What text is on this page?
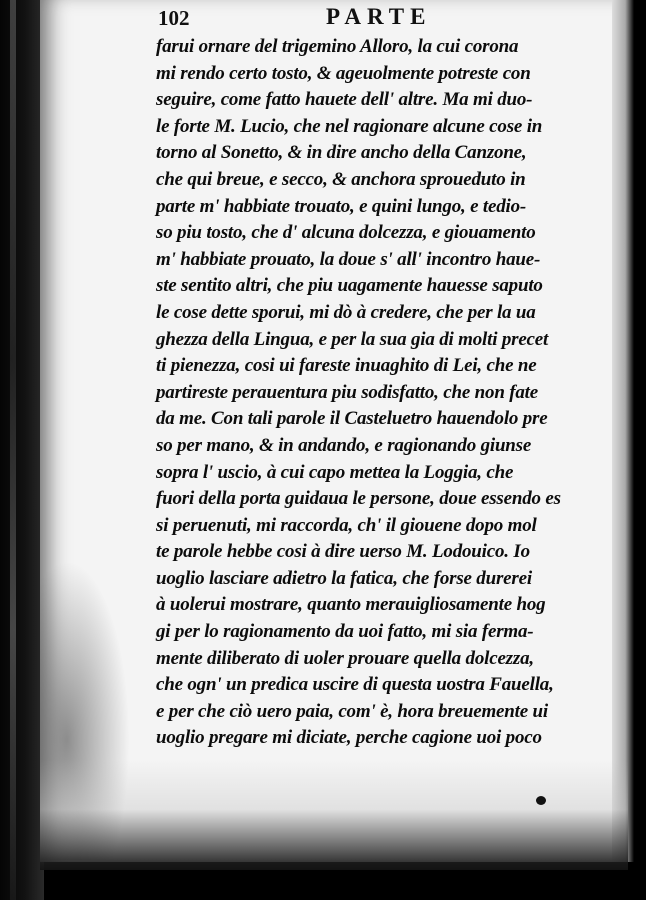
102	PARTE
farui ornare del trigemino Alloro, la cui corona
mi rendo certo tosto, & ageuolmente potreste con
seguire, come fatto hauete dell' altre. Ma mi duo-
le forte M. Lucio, che nel ragionare alcune cose in
torno al Sonetto, & in dire ancho della Canzone,
che qui breue, e secco, & anchora sproueduto in
parte m' habbiate trouato, e quini lungo, e tedio-
so piu tosto, che d' alcuna dolcezza, e giouamento
m' habbiate prouato, la doue s' all' incontro haue-
ste sentito altri, che piu uagamente hauesse saputo
le cose dette sporui, mi dò à credere, che per la ua
ghezza della Lingua, e per la sua gia di molti precet
ti pienezza, cosi ui fareste inuaghito di Lei, che ne
partireste perauentura piu sodisfatto, che non fate
da me. Con tali parole il Casteluetro hauendolo pre
so per mano, & in andando, e ragionando giunse
sopra l' uscio, à cui capo mettea la Loggia, che
fuori della porta guidaua le persone, doue essendo es
si peruenuti, mi raccorda, ch' il giouene dopo mol
te parole hebbe cosi à dire uerso M. Lodouico. Io
uoglio lasciare adietro la fatica, che forse durerei
à uolerui mostrare, quanto merauigliosamente hog
gi per lo ragionamento da uoi fatto, mi sia ferma-
mente diliberato di uoler prouare quella dolcezza,
che ogn' un predica uscire di questa uostra Fauella,
e per che ciò uero paia, com' è, hora breuemente ui
uoglio pregare mi diciate, perche cagione uoi poco
